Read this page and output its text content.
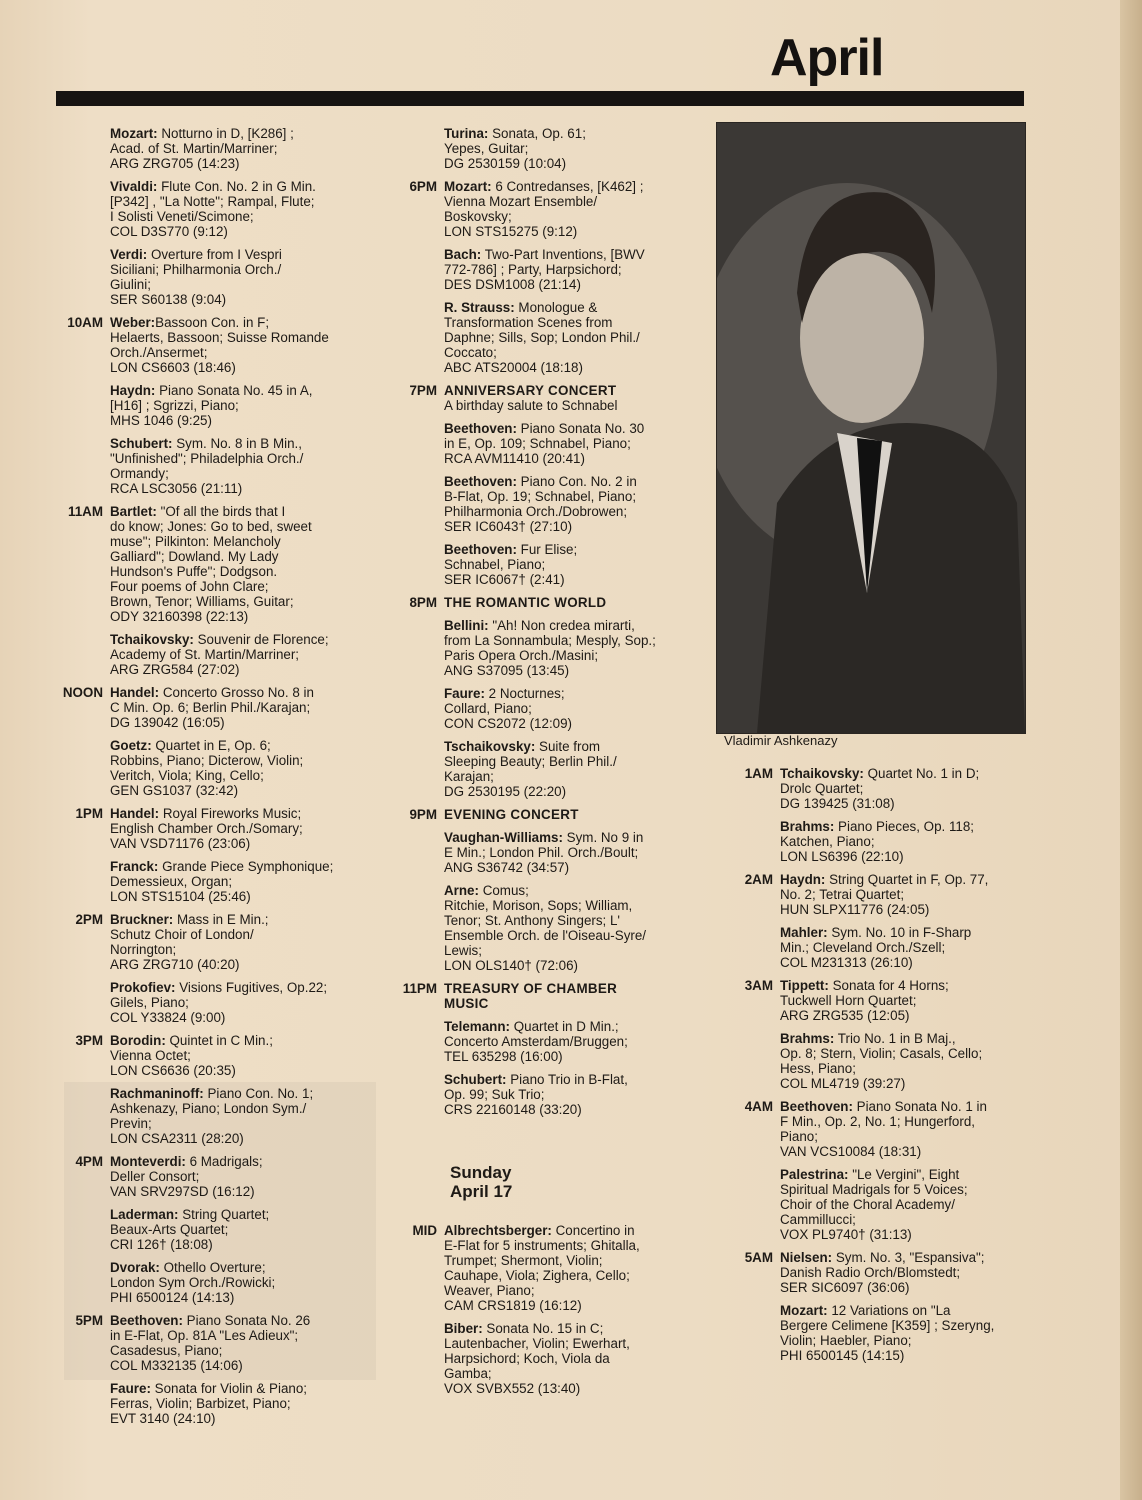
April
Mozart: Notturno in D, [K286] ;
Acad. of St. Martin/Marriner;
ARG ZRG705 (14:23)
Vivaldi: Flute Con. No. 2 in G Min.
[P342] , "La Notte"; Rampal, Flute;
I Solisti Veneti/Scimone;
COL D3S770 (9:12)
Verdi: Overture from I Vespri
Siciliani; Philharmonia Orch./
Giulini;
SER S60138 (9:04)
10AM Weber:Bassoon Con. in F;
Helaerts, Bassoon; Suisse Romande
Orch./Ansermet;
LON CS6603 (18:46)
Haydn: Piano Sonata No. 45 in A,
[H16] ; Sgrizzi, Piano;
MHS 1046 (9:25)
Schubert: Sym. No. 8 in B Min.,
"Unfinished"; Philadelphia Orch./
Ormandy;
RCA LSC3056 (21:11)
11AM Bartlet: "Of all the birds that I
do know; Jones: Go to bed, sweet
muse"; Pilkinton: Melancholy
Galliard"; Dowland. My Lady
Hundson's Puffe"; Dodgson.
Four poems of John Clare;
Brown, Tenor; Williams, Guitar;
ODY 32160398 (22:13)
Tchaikovsky: Souvenir de Florence;
Academy of St. Martin/Marriner;
ARG ZRG584 (27:02)
NOON Handel: Concerto Grosso No. 8 in
C Min. Op. 6; Berlin Phil./Karajan;
DG 139042 (16:05)
Goetz: Quartet in E, Op. 6;
Robbins, Piano; Dicterow, Violin;
Veritch, Viola; King, Cello;
GEN GS1037 (32:42)
1PM Handel: Royal Fireworks Music;
English Chamber Orch./Somary;
VAN VSD71176 (23:06)
Franck: Grande Piece Symphonique;
Demessieux, Organ;
LON STS15104 (25:46)
2PM Bruckner: Mass in E Min.;
Schutz Choir of London/
Norrington;
ARG ZRG710 (40:20)
Prokofiev: Visions Fugitives, Op.22;
Gilels, Piano;
COL Y33824 (9:00)
3PM Borodin: Quintet in C Min.;
Vienna Octet;
LON CS6636 (20:35)
Rachmaninoff: Piano Con. No. 1;
Ashkenazy, Piano; London Sym./
Previn;
LON CSA2311 (28:20)
4PM Monteverdi: 6 Madrigals;
Deller Consort;
VAN SRV297SD (16:12)
Laderman: String Quartet;
Beaux-Arts Quartet;
CRI 126† (18:08)
Dvorak: Othello Overture;
London Sym Orch./Rowicki;
PHI 6500124 (14:13)
5PM Beethoven: Piano Sonata No. 26
in E-Flat, Op. 81A "Les Adieux";
Casadesus, Piano;
COL M332135 (14:06)
Faure: Sonata for Violin & Piano;
Ferras, Violin; Barbizet, Piano;
EVT 3140 (24:10)
Turina: Sonata, Op. 61;
Yepes, Guitar;
DG 2530159 (10:04)
6PM Mozart: 6 Contredanses, [K462] ;
Vienna Mozart Ensemble/
Boskovsky;
LON STS15275 (9:12)
Bach: Two-Part Inventions, [BWV
772-786] ; Party, Harpsichord;
DES DSM1008 (21:14)
R. Strauss: Monologue &
Transformation Scenes from
Daphne; Sills, Sop; London Phil./
Coccato;
ABC ATS20004 (18:18)
7PM ANNIVERSARY CONCERT
A birthday salute to Schnabel
Beethoven: Piano Sonata No. 30
in E, Op. 109; Schnabel, Piano;
RCA AVM11410 (20:41)
Beethoven: Piano Con. No. 2 in
B-Flat, Op. 19; Schnabel, Piano;
Philharmonia Orch./Dobrowen;
SER IC6043† (27:10)
Beethoven: Fur Elise;
Schnabel, Piano;
SER IC6067† (2:41)
8PM THE ROMANTIC WORLD
Bellini: "Ah! Non credea mirarti,
from La Sonnambula; Mesply, Sop.;
Paris Opera Orch./Masini;
ANG S37095 (13:45)
Faure: 2 Nocturnes;
Collard, Piano;
CON CS2072 (12:09)
Tschaikovsky: Suite from
Sleeping Beauty; Berlin Phil./
Karajan;
DG 2530195 (22:20)
9PM EVENING CONCERT
Vaughan-Williams: Sym. No 9 in
E Min.; London Phil. Orch./Boult;
ANG S36742 (34:57)
Arne: Comus;
Ritchie, Morison, Sops; William,
Tenor; St. Anthony Singers; L'
Ensemble Orch. de l'Oiseau-Syre/
Lewis;
LON OLS140† (72:06)
11PM TREASURY OF CHAMBER
MUSIC
Telemann: Quartet in D Min.;
Concerto Amsterdam/Bruggen;
TEL 635298 (16:00)
Schubert: Piano Trio in B-Flat,
Op. 99; Suk Trio;
CRS 22160148 (33:20)
Sunday
April 17
MID Albrechtsberger: Concertino in
E-Flat for 5 instruments; Ghitalla,
Trumpet; Shermont, Violin;
Cauhape, Viola; Zighera, Cello;
Weaver, Piano;
CAM CRS1819 (16:12)
Biber: Sonata No. 15 in C;
Lautenbacher, Violin; Ewerhart,
Harpsichord; Koch, Viola da
Gamba;
VOX SVBX552 (13:40)
Vladimir Ashkenazy
1AM Tchaikovsky: Quartet No. 1 in D;
Drolc Quartet;
DG 139425 (31:08)
Brahms: Piano Pieces, Op. 118;
Katchen, Piano;
LON LS6396 (22:10)
2AM Haydn: String Quartet in F, Op. 77,
No. 2; Tetrai Quartet;
HUN SLPX11776 (24:05)
Mahler: Sym. No. 10 in F-Sharp
Min.; Cleveland Orch./Szell;
COL M231313 (26:10)
3AM Tippett: Sonata for 4 Horns;
Tuckwell Horn Quartet;
ARG ZRG535 (12:05)
Brahms: Trio No. 1 in B Maj.,
Op. 8; Stern, Violin; Casals, Cello;
Hess, Piano;
COL ML4719 (39:27)
4AM Beethoven: Piano Sonata No. 1 in
F Min., Op. 2, No. 1; Hungerford,
Piano;
VAN VCS10084 (18:31)
Palestrina: "Le Vergini", Eight
Spiritual Madrigals for 5 Voices;
Choir of the Choral Academy/
Cammillucci;
VOX PL9740† (31:13)
5AM Nielsen: Sym. No. 3, "Espansiva";
Danish Radio Orch/Blomstedt;
SER SIC6097 (36:06)
Mozart: 12 Variations on "La
Bergere Celimene [K359] ; Szeryng,
Violin; Haebler, Piano;
PHI 6500145 (14:15)
